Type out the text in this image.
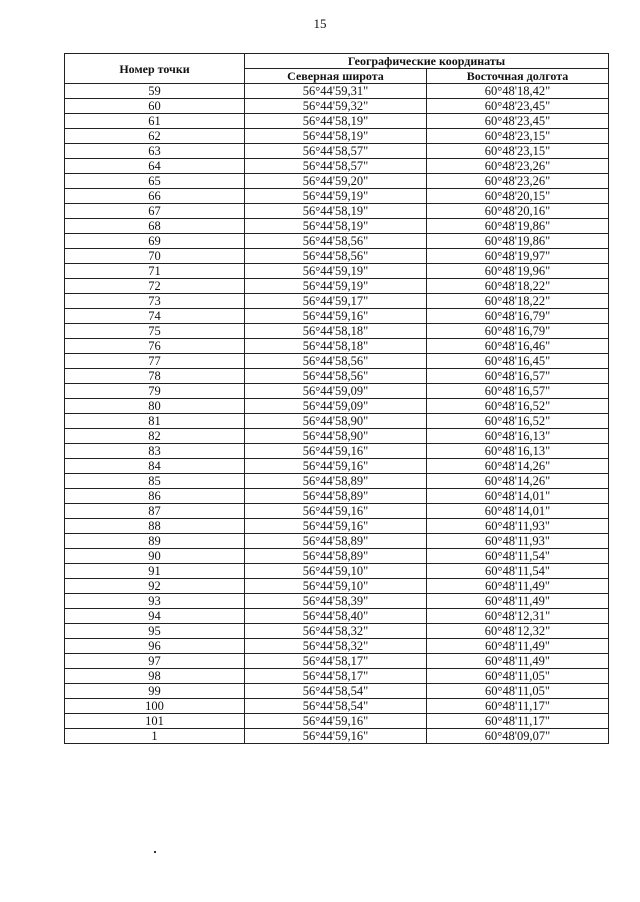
15
Номер точки	Географические координаты	
	Северная широта	Восточная долгота
59	56°44'59,31"	60°48'18,42"
60	56°44'59,32"	60°48'23,45"
61	56°44'58,19"	60°48'23,45"
62	56°44'58,19"	60°48'23,15"
63	56°44'58,57"	60°48'23,15"
64	56°44'58,57"	60°48'23,26"
65	56°44'59,20"	60°48'23,26"
66	56°44'59,19"	60°48'20,15"
67	56°44'58,19"	60°48'20,16"
68	56°44'58,19"	60°48'19,86"
69	56°44'58,56"	60°48'19,86"
70	56°44'58,56"	60°48'19,97"
71	56°44'59,19"	60°48'19,96"
72	56°44'59,19"	60°48'18,22"
73	56°44'59,17"	60°48'18,22"
74	56°44'59,16"	60°48'16,79"
75	56°44'58,18"	60°48'16,79"
76	56°44'58,18"	60°48'16,46"
77	56°44'58,56"	60°48'16,45"
78	56°44'58,56"	60°48'16,57"
79	56°44'59,09"	60°48'16,57"
80	56°44'59,09"	60°48'16,52"
81	56°44'58,90"	60°48'16,52"
82	56°44'58,90"	60°48'16,13"
83	56°44'59,16"	60°48'16,13"
84	56°44'59,16"	60°48'14,26"
85	56°44'58,89"	60°48'14,26"
86	56°44'58,89"	60°48'14,01"
87	56°44'59,16"	60°48'14,01"
88	56°44'59,16"	60°48'11,93"
89	56°44'58,89"	60°48'11,93"
90	56°44'58,89"	60°48'11,54"
91	56°44'59,10"	60°48'11,54"
92	56°44'59,10"	60°48'11,49"
93	56°44'58,39"	60°48'11,49"
94	56°44'58,40"	60°48'12,31"
95	56°44'58,32"	60°48'12,32"
96	56°44'58,32"	60°48'11,49"
97	56°44'58,17"	60°48'11,49"
98	56°44'58,17"	60°48'11,05"
99	56°44'58,54"	60°48'11,05"
100	56°44'58,54"	60°48'11,17"
101	56°44'59,16"	60°48'11,17"
1	56°44'59,16"	60°48'09,07"
